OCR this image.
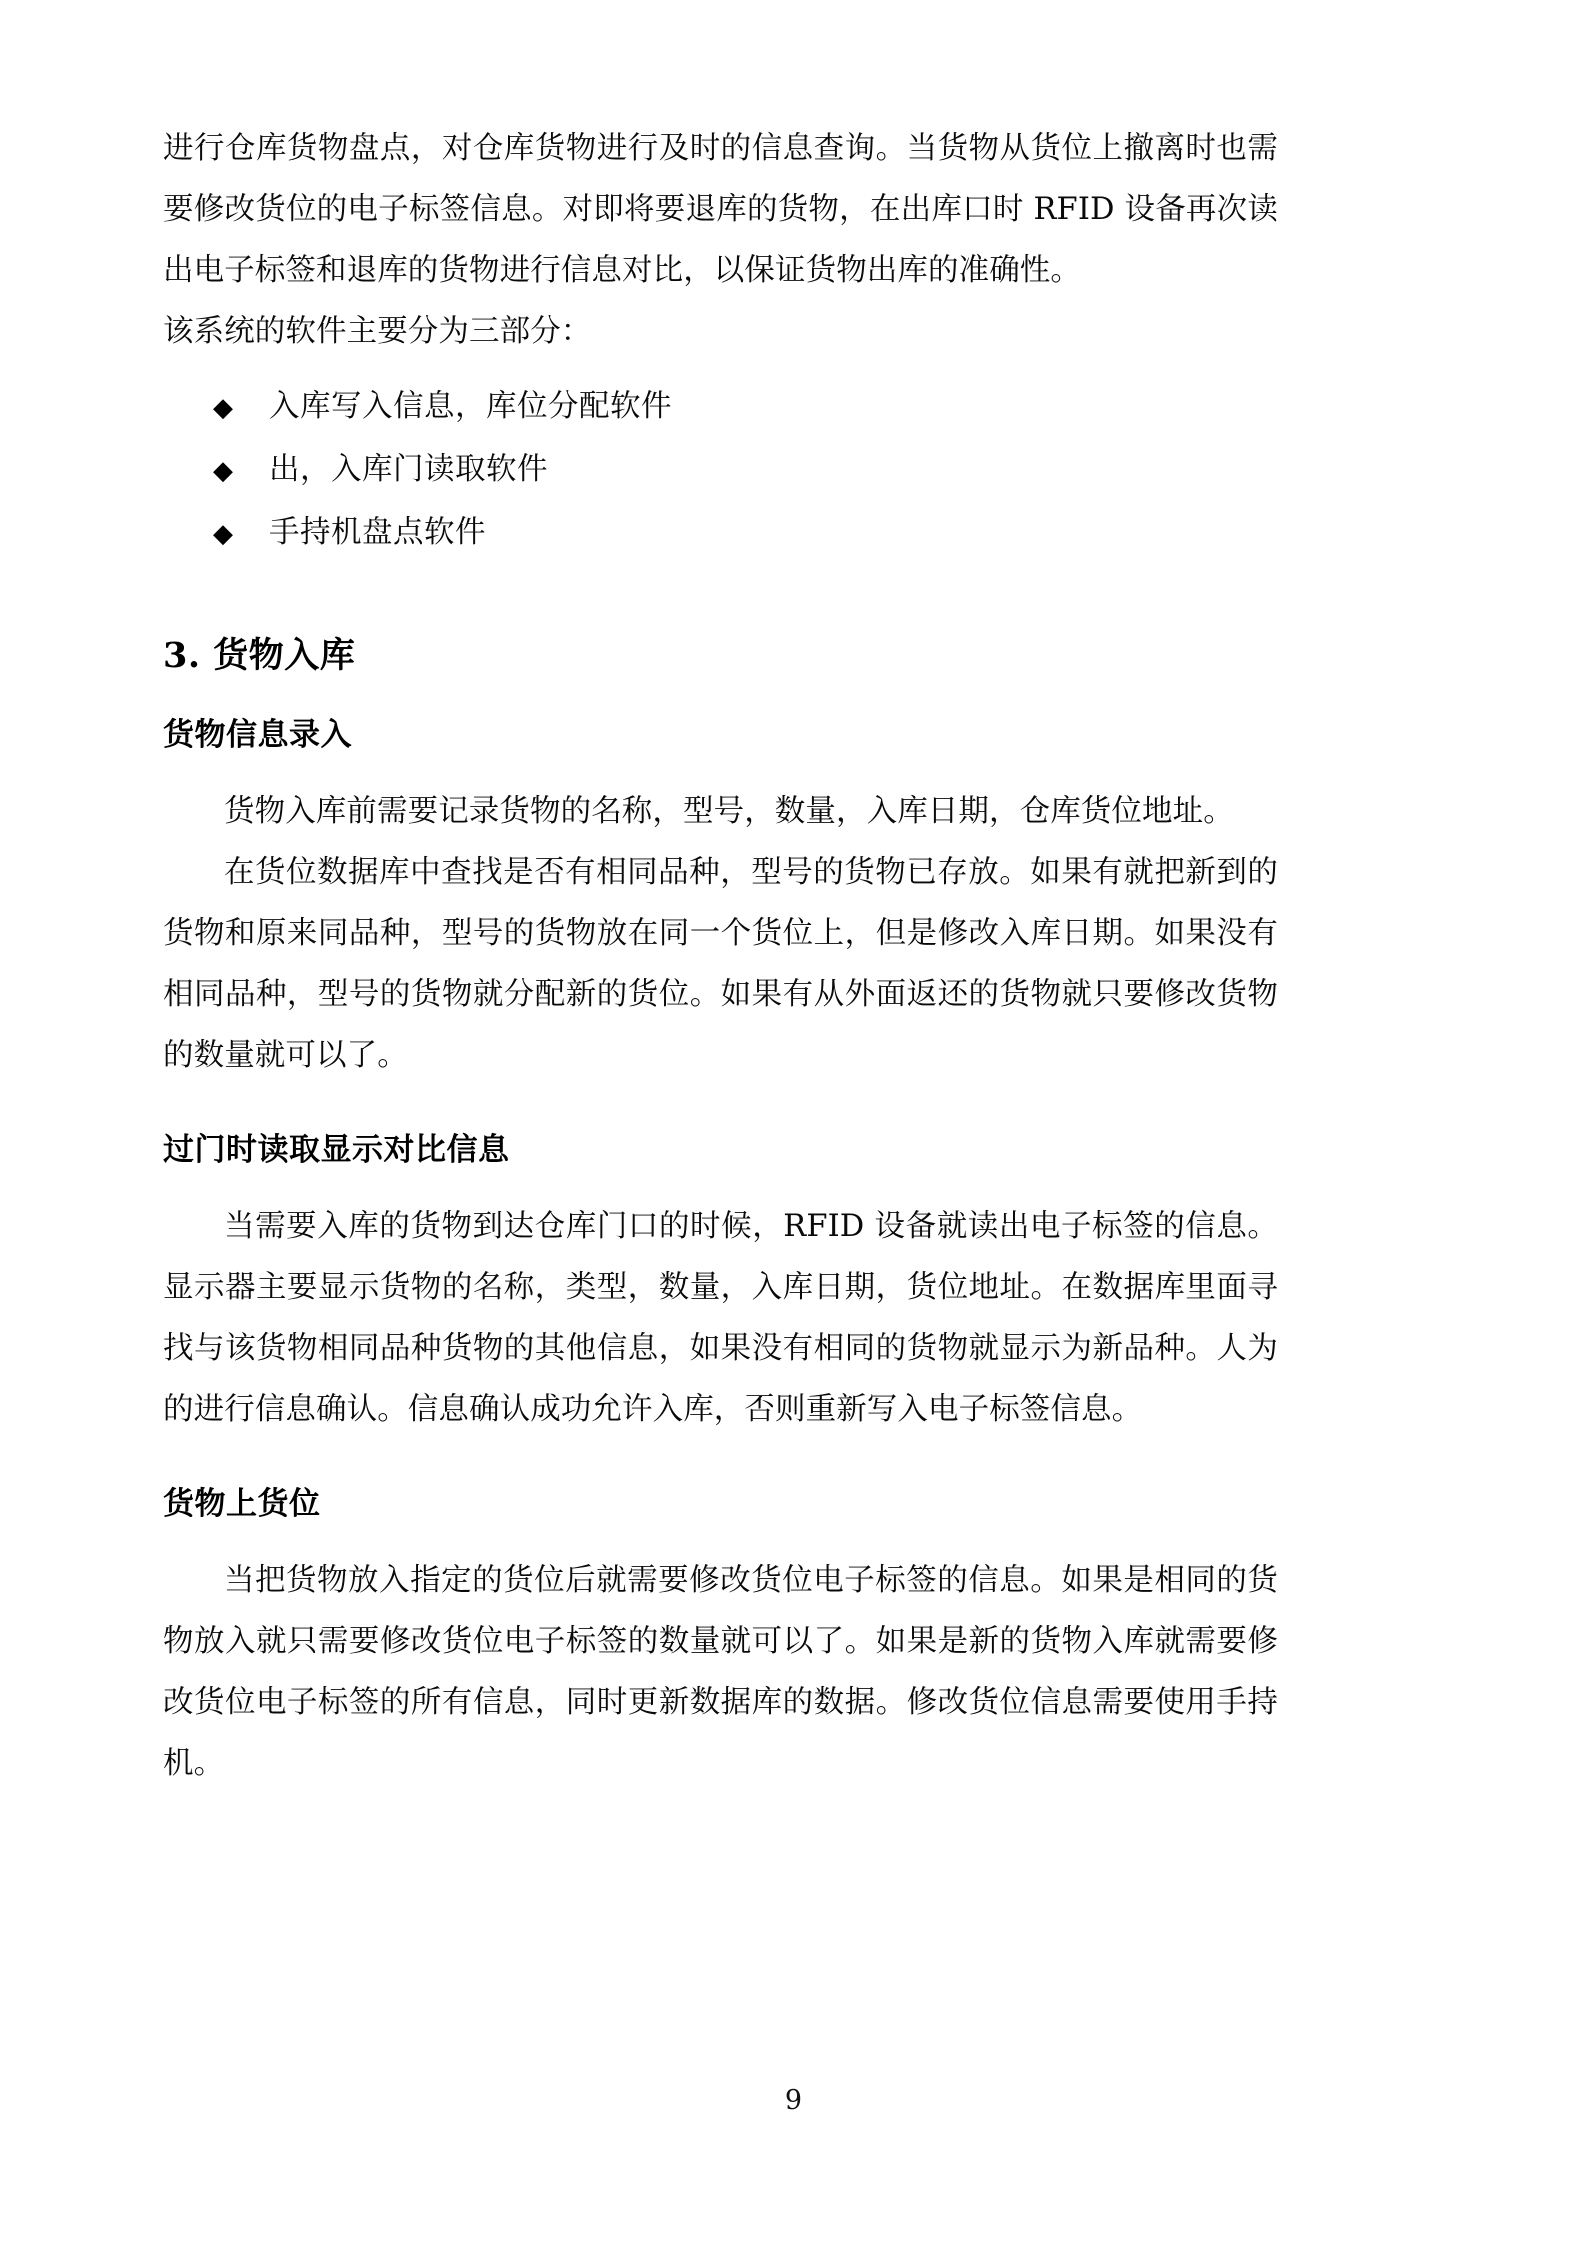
进行仓库货物盘点，对仓库货物进行及时的信息查询。当货物从货位上撤离时也需要修改货位的电子标签信息。对即将要退库的货物，在出库口时 RFID 设备再次读出电子标签和退库的货物进行信息对比，以保证货物出库的准确性。

该系统的软件主要分为三部分：

◆	入库写入信息，库位分配软件
◆	出，入库门读取软件
◆	手持机盘点软件
3. 货物入库
货物信息录入

货物入库前需要记录货物的名称，型号，数量，入库日期，仓库货位地址。

在货位数据库中查找是否有相同品种，型号的货物已存放。如果有就把新到的货物和原来同品种，型号的货物放在同一个货位上，但是修改入库日期。如果没有相同品种，型号的货物就分配新的货位。如果有从外面返还的货物就只要修改货物的数量就可以了。

过门时读取显示对比信息

当需要入库的货物到达仓库门口的时候，RFID 设备就读出电子标签的信息。显示器主要显示货物的名称，类型，数量，入库日期，货位地址。在数据库里面寻找与该货物相同品种货物的其他信息，如果没有相同的货物就显示为新品种。人为的进行信息确认。信息确认成功允许入库，否则重新写入电子标签信息。

货物上货位

当把货物放入指定的货位后就需要修改货位电子标签的信息。如果是相同的货物放入就只需要修改货位电子标签的数量就可以了。如果是新的货物入库就需要修改货位电子标签的所有信息，同时更新数据库的数据。修改货位信息需要使用手持机。

9
